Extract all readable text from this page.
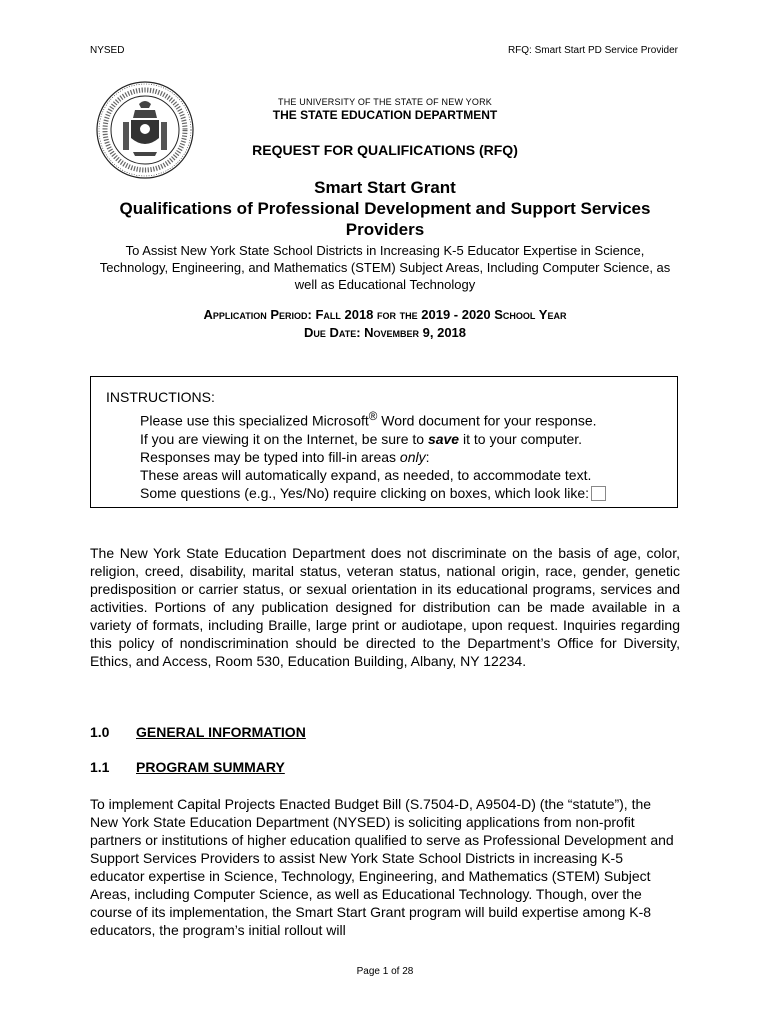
NYSED	RFQ: Smart Start PD Service Provider
THE UNIVERSITY OF THE STATE OF NEW YORK
THE STATE EDUCATION DEPARTMENT
REQUEST FOR QUALIFICATIONS (RFQ)
Smart Start Grant
Qualifications of Professional Development and Support Services Providers
To Assist New York State School Districts in Increasing K-5 Educator Expertise in Science, Technology, Engineering, and Mathematics (STEM) Subject Areas, Including Computer Science, as well as Educational Technology
Application Period: Fall 2018 for the 2019 - 2020 School Year
Due Date: November 9, 2018
INSTRUCTIONS:
Please use this specialized Microsoft® Word document for your response.
If you are viewing it on the Internet, be sure to save it to your computer.
Responses may be typed into fill-in areas only:
These areas will automatically expand, as needed, to accommodate text.
Some questions (e.g., Yes/No) require clicking on boxes, which look like:
The New York State Education Department does not discriminate on the basis of age, color, religion, creed, disability, marital status, veteran status, national origin, race, gender, genetic predisposition or carrier status, or sexual orientation in its educational programs, services and activities. Portions of any publication designed for distribution can be made available in a variety of formats, including Braille, large print or audiotape, upon request. Inquiries regarding this policy of nondiscrimination should be directed to the Department’s Office for Diversity, Ethics, and Access, Room 530, Education Building, Albany, NY 12234.
1.0 GENERAL INFORMATION
1.1 PROGRAM SUMMARY
To implement Capital Projects Enacted Budget Bill (S.7504-D, A9504-D) (the “statute”), the New York State Education Department (NYSED) is soliciting applications from non-profit partners or institutions of higher education qualified to serve as Professional Development and Support Services Providers to assist New York State School Districts in increasing K-5 educator expertise in Science, Technology, Engineering, and Mathematics (STEM) Subject Areas, including Computer Science, as well as Educational Technology. Though, over the course of its implementation, the Smart Start Grant program will build expertise among K-8 educators, the program’s initial rollout will
Page 1 of 28
